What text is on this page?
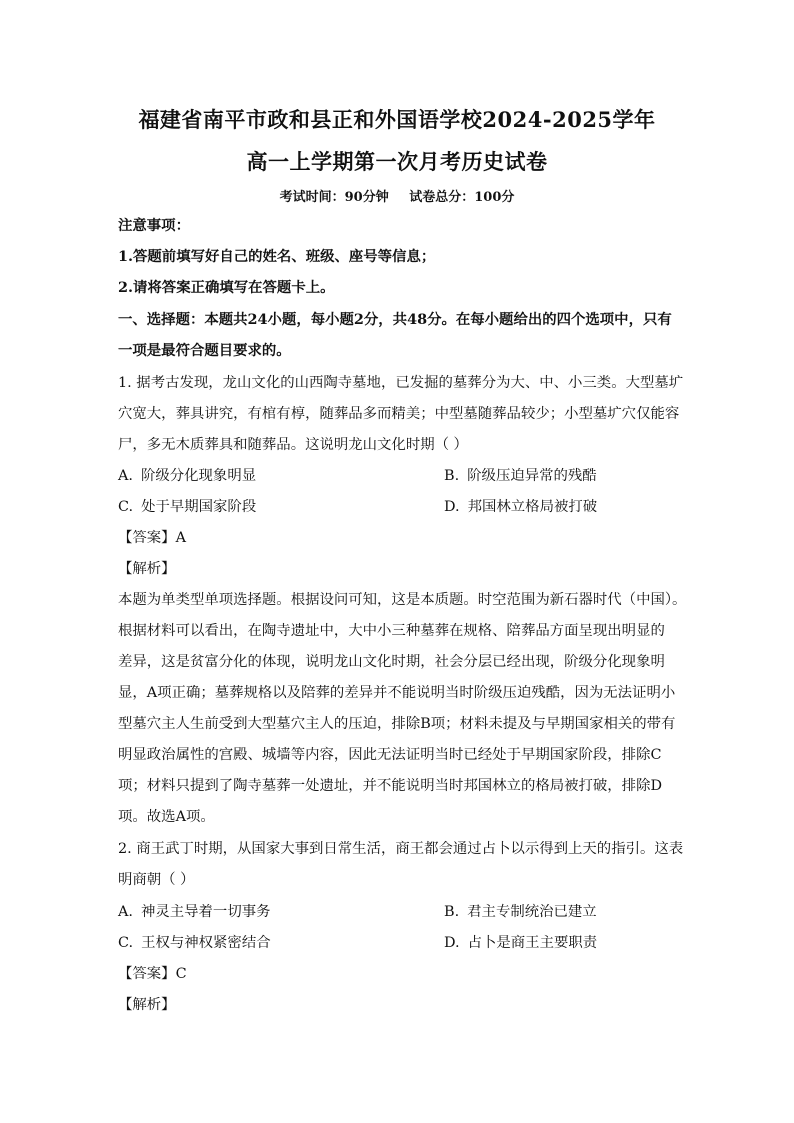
福建省南平市政和县正和外国语学校2024-2025学年
高一上学期第一次月考历史试卷
考试时间：90分钟 试卷总分：100分
注意事项：
1.答题前填写好自己的姓名、班级、座号等信息；
2.请将答案正确填写在答题卡上。
一、选择题：本题共24小题，每小题2分，共48分。在每小题给出的四个选项中，只有
一项是最符合题目要求的。
1. 据考古发现，龙山文化的山西陶寺墓地，已发掘的墓葬分为大、中、小三类。大型墓圹
穴宽大，葬具讲究，有棺有椁，随葬品多而精美；中型墓随葬品较少；小型墓圹穴仅能容
尸，多无木质葬具和随葬品。这说明龙山文化时期（ ）
A. 阶级分化现象明显	B. 阶级压迫异常的残酷
C. 处于早期国家阶段	D. 邦国林立格局被打破
【答案】A
【解析】
本题为单类型单项选择题。根据设问可知，这是本质题。时空范围为新石器时代（中国）。
根据材料可以看出，在陶寺遗址中，大中小三种墓葬在规格、陪葬品方面呈现出明显的
差异，这是贫富分化的体现，说明龙山文化时期，社会分层已经出现，阶级分化现象明
显，A项正确；墓葬规格以及陪葬的差异并不能说明当时阶级压迫残酷，因为无法证明小
型墓穴主人生前受到大型墓穴主人的压迫，排除B项；材料未提及与早期国家相关的带有
明显政治属性的宫殿、城墙等内容，因此无法证明当时已经处于早期国家阶段，排除C
项；材料只提到了陶寺墓葬一处遗址，并不能说明当时邦国林立的格局被打破，排除D
项。故选A项。
2. 商王武丁时期，从国家大事到日常生活，商王都会通过占卜以示得到上天的指引。这表
明商朝（ ）
A. 神灵主导着一切事务	B. 君主专制统治已建立
C. 王权与神权紧密结合	D. 占卜是商王主要职责
【答案】C
【解析】
